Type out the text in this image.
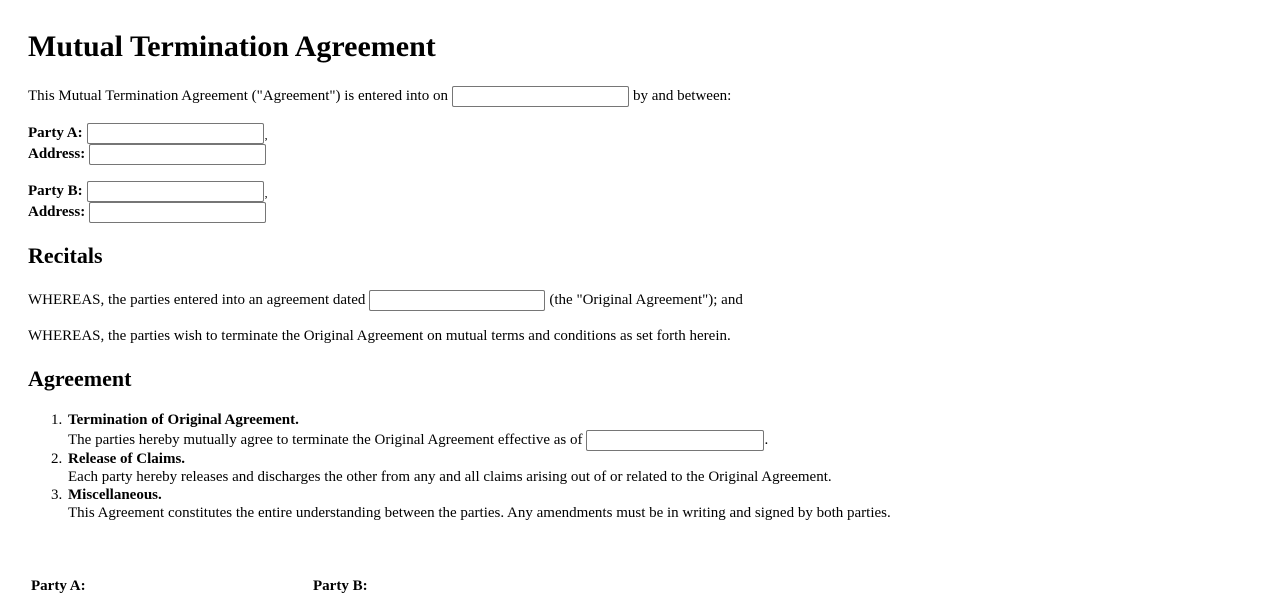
Mutual Termination Agreement
This Mutual Termination Agreement ("Agreement") is entered into on	by and between:
Party A:	,
Address:
Party B:	,
Address:
Recitals
WHEREAS, the parties entered into an agreement dated	(the "Original Agreement"); and
WHEREAS, the parties wish to terminate the Original Agreement on mutual terms and conditions as set forth herein.
Agreement
1. Termination of Original Agreement.
The parties hereby mutually agree to terminate the Original Agreement effective as of	.
2. Release of Claims.
Each party hereby releases and discharges the other from any and all claims arising out of or related to the Original Agreement.
3. Miscellaneous.
This Agreement constitutes the entire understanding between the parties. Any amendments must be in writing and signed by both parties.
Party A:	Party B:
